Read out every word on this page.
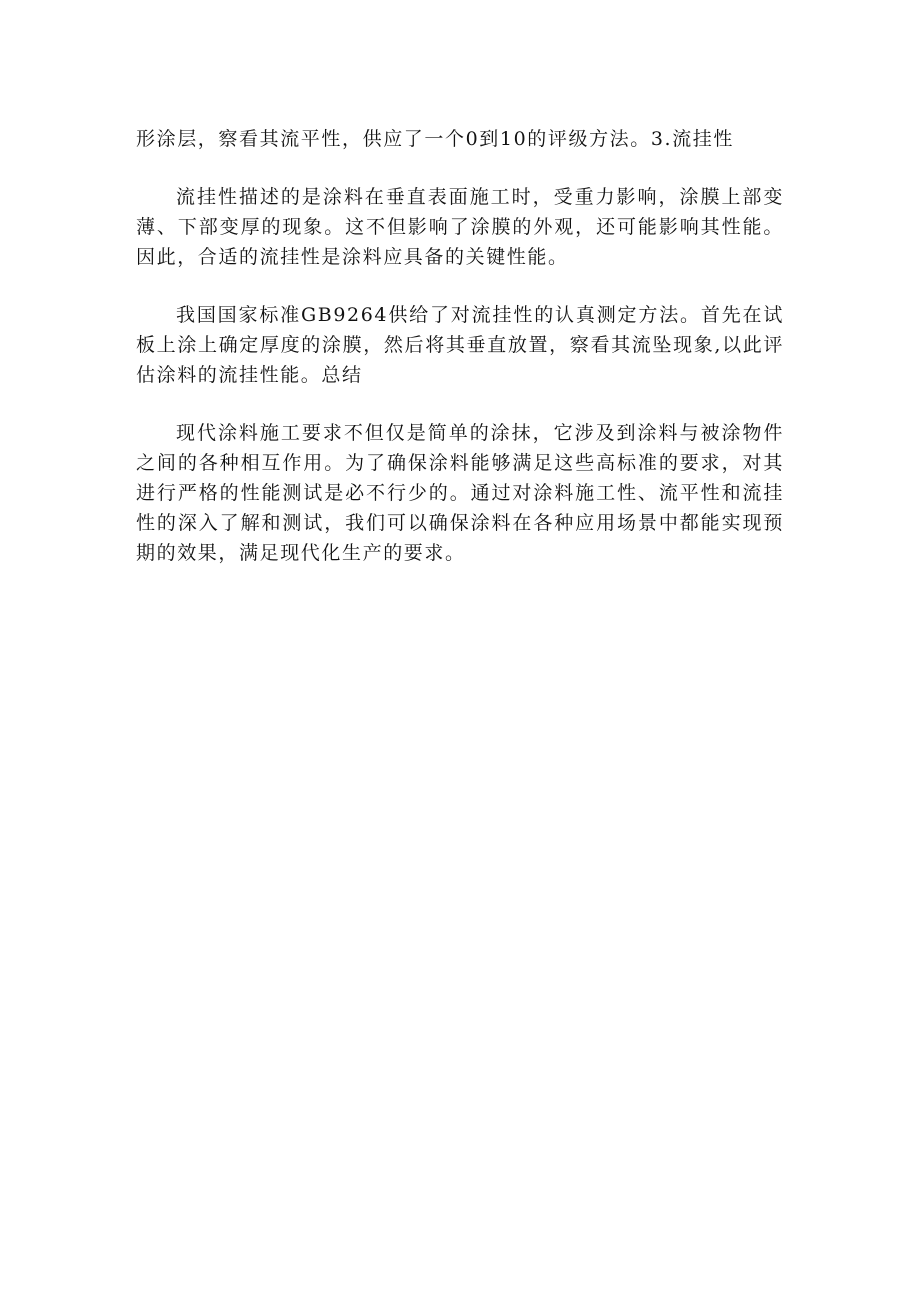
形涂层，察看其流平性，供应了一个0到10的评级方法。3.流挂性

流挂性描述的是涂料在垂直表面施工时，受重力影响，涂膜上部变薄、下部变厚的现象。这不但影响了涂膜的外观，还可能影响其性能。因此，合适的流挂性是涂料应具备的关键性能。

我国国家标准GB9264供给了对流挂性的认真测定方法。首先在试板上涂上确定厚度的涂膜，然后将其垂直放置，察看其流坠现象,以此评估涂料的流挂性能。总结

现代涂料施工要求不但仅是简单的涂抹，它涉及到涂料与被涂物件之间的各种相互作用。为了确保涂料能够满足这些高标准的要求，对其进行严格的性能测试是必不行少的。通过对涂料施工性、流平性和流挂性的深入了解和测试，我们可以确保涂料在各种应用场景中都能实现预期的效果，满足现代化生产的要求。
